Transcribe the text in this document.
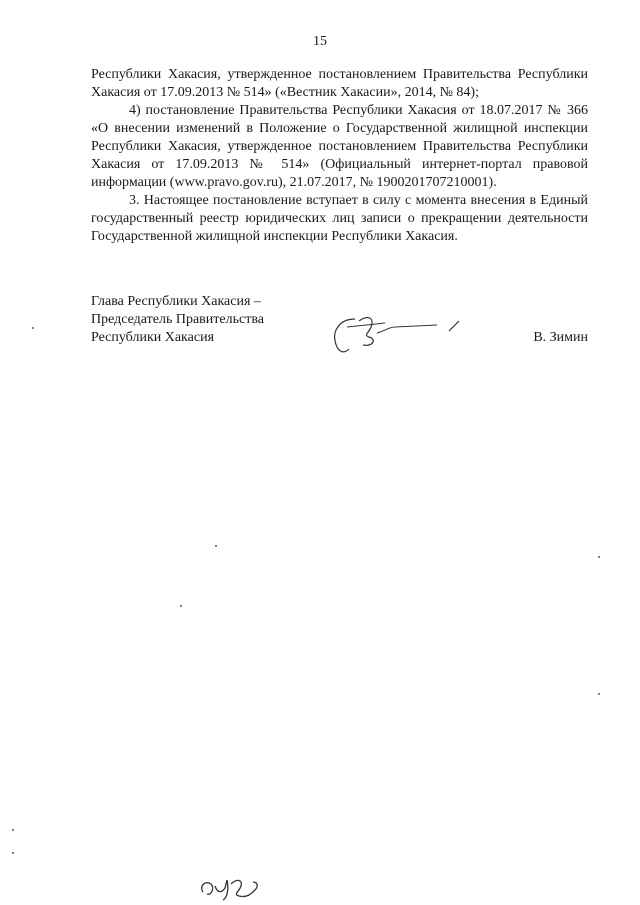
15

Республики Хакасия, утвержденное постановлением Правительства Республики Хакасия от 17.09.2013 № 514» («Вестник Хакасии», 2014, № 84);

4) постановление Правительства Республики Хакасия от 18.07.2017 № 366 «О внесении изменений в Положение о Государственной жилищной инспекции Республики Хакасия, утвержденное постановлением Правительства Республики Хакасия от 17.09.2013 № 514» (Официальный интернет-портал правовой информации (www.pravo.gov.ru), 21.07.2017, № 1900201707210001).

3. Настоящее постановление вступает в силу с момента внесения в Единый государственный реестр юридических лиц записи о прекращении деятельности Государственной жилищной инспекции Республики Хакасия.

Глава Республики Хакасия –
Председатель Правительства
Республики Хакасия	В. Зимин
